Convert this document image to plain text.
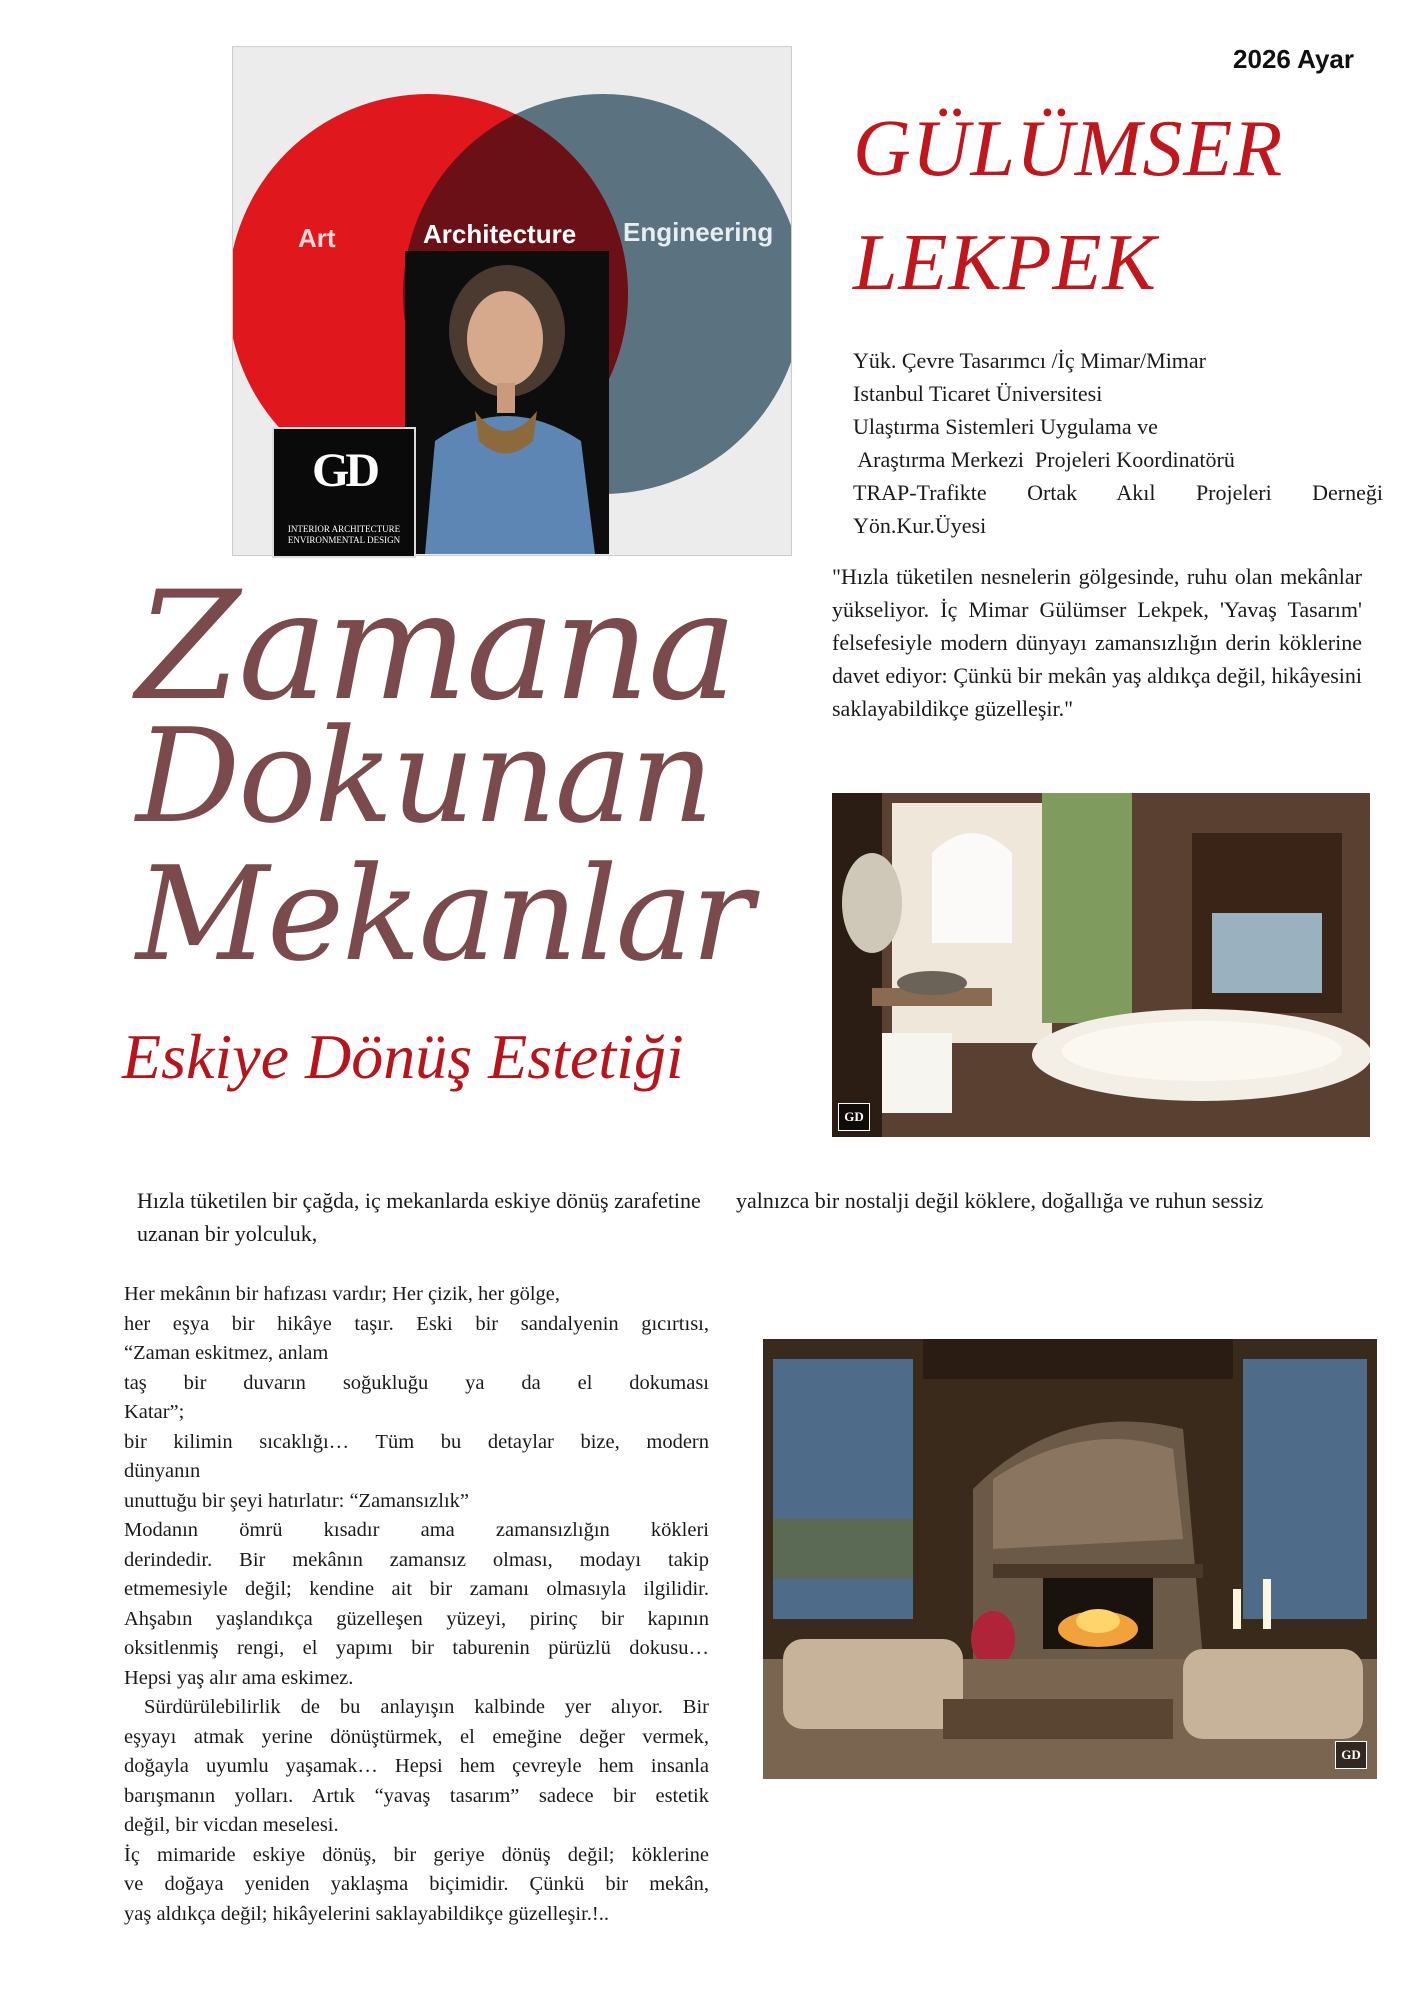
2026 Ayar
Art	Architecture Engineering
GD
INTERIOR ARCHITECTURE
ENVIRONMENTAL DESIGN
GÜLÜMSER
LEKPEK
Yük. Çevre Tasarımcı /İç Mimar/Mimar
Istanbul Ticaret Üniversitesi
Ulaştırma Sistemleri Uygulama ve
Araştırma Merkezi  Projeleri Koordinatörü
TRAP-Trafikte Ortak Akıl Projeleri Derneği
Yön.Kur.Üyesi
"Hızla tüketilen nesnelerin gölgesinde, ruhu olan mekânlar yükseliyor. İç Mimar Gülümser Lekpek, 'Yavaş Tasarım' felsefesiyle modern dünyayı zamansızlığın derin köklerine davet ediyor: Çünkü bir mekân yaş aldıkça değil, hikâyesini saklayabildikçe güzelleşir."
Zamana
Dokunan
Mekanlar
Eskiye Dönüş Estetiği
GD
Hızla tüketilen bir çağda, iç mekanlarda eskiye dönüş zarafetine uzanan bir yolculuk,
yalnızca bir nostalji değil köklere, doğallığa ve ruhun sessiz
Her mekânın bir hafızası vardır; Her çizik, her gölge,
her eşya bir hikâye taşır. Eski bir sandalyenin gıcırtısı,
“Zaman eskitmez, anlam
taş bir duvarın soğukluğu ya da el dokuması
Katar”;
bir kilimin sıcaklığı… Tüm bu detaylar bize, modern
dünyanın
unuttuğu bir şeyi hatırlatır: “Zamansızlık”
Modanın ömrü kısadır ama zamansızlığın kökleri
derindedir. Bir mekânın zamansız olması, modayı takip
etmemesiyle değil; kendine ait bir zamanı olmasıyla ilgilidir.
Ahşabın yaşlandıkça güzelleşen yüzeyi, pirinç bir kapının
oksitlenmiş rengi, el yapımı bir taburenin pürüzlü dokusu…
Hepsi yaş alır ama eskimez.
Sürdürülebilirlik de bu anlayışın kalbinde yer alıyor. Bir
eşyayı atmak yerine dönüştürmek, el emeğine değer vermek,
doğayla uyumlu yaşamak… Hepsi hem çevreyle hem insanla
barışmanın yolları. Artık “yavaş tasarım” sadece bir estetik
değil, bir vicdan meselesi.
İç mimaride eskiye dönüş, bir geriye dönüş değil; köklerine
ve doğaya yeniden yaklaşma biçimidir. Çünkü bir mekân,
yaş aldıkça değil; hikâyelerini saklayabildikçe güzelleşir.!..
GD
